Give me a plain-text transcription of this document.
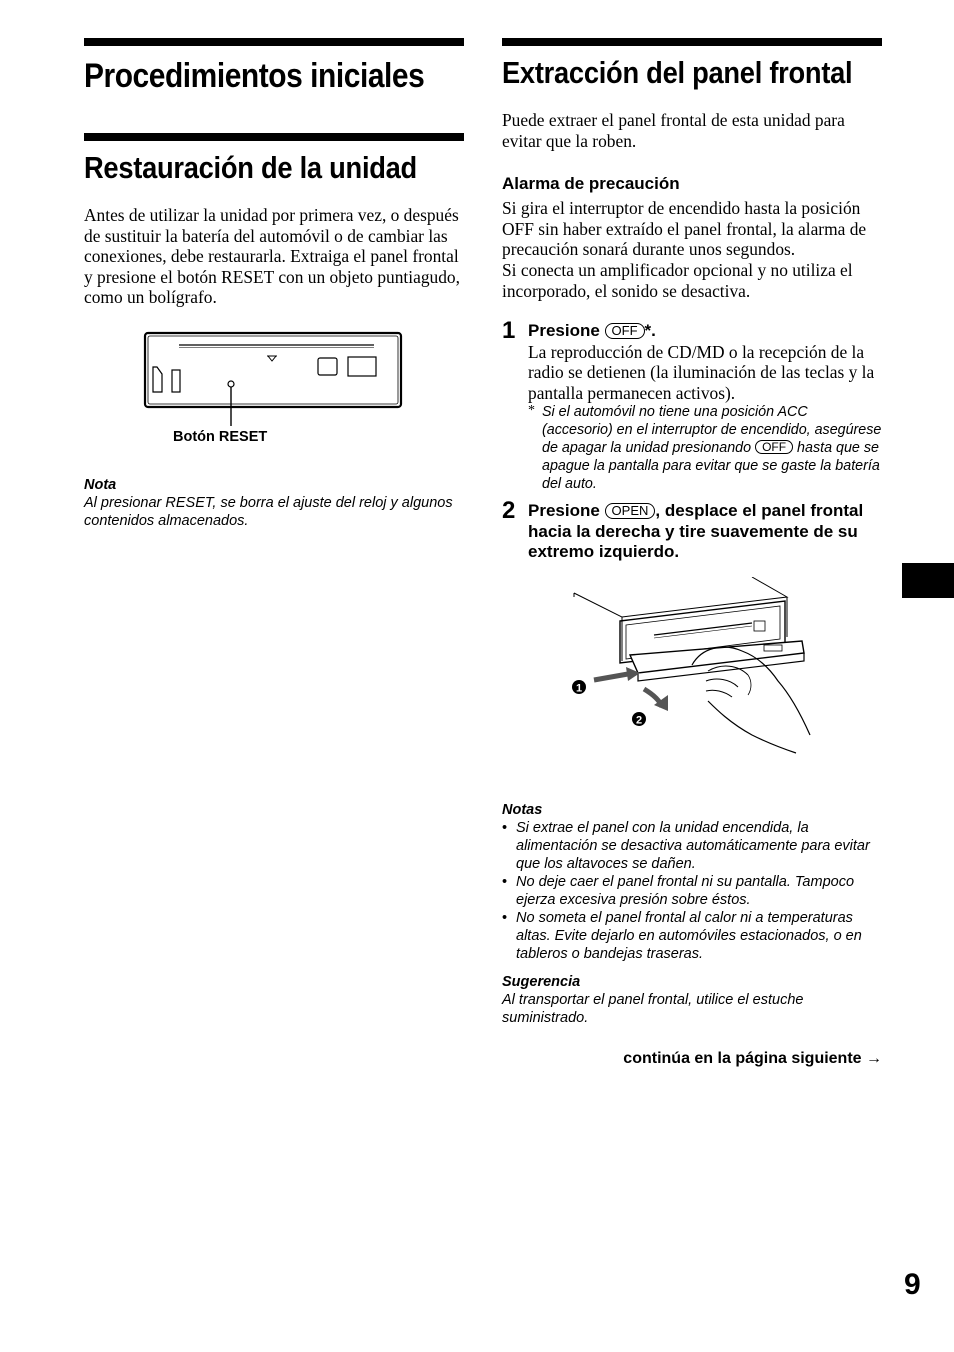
Procedimientos iniciales
Restauración de la unidad

Antes de utilizar la unidad por primera vez, o después de sustituir la batería del automóvil o de cambiar las conexiones, debe restaurarla. Extraiga el panel frontal y presione el botón RESET con un objeto puntiagudo, como un bolígrafo.

Botón RESET

Nota

Al presionar RESET, se borra el ajuste del reloj y algunos contenidos almacenados.

Extracción del panel frontal

Puede extraer el panel frontal de esta unidad para evitar que la roben.

Alarma de precaución

Si gira el interruptor de encendido hasta la posición OFF sin haber extraído el panel frontal, la alarma de precaución sonará durante unos segundos.

Si conecta un amplificador opcional y no utiliza el incorporado, el sonido se desactiva.

1 Presione OFF *.

La reproducción de CD/MD o la recepción de la radio se detienen (la iluminación de las teclas y la pantalla permanecen activos).

* Si el automóvil no tiene una posición ACC (accesorio) en el interruptor de encendido, asegúrese de apagar la unidad presionando OFF hasta que se apague la pantalla para evitar que se gaste la batería del auto.

2 Presione OPEN , desplace el panel frontal hacia la derecha y tire suavemente de su extremo izquierdo.

1
2

Notas

• Si extrae el panel con la unidad encendida, la alimentación se desactiva automáticamente para evitar que los altavoces se dañen.
• No deje caer el panel frontal ni su pantalla. Tampoco ejerza excesiva presión sobre éstos.
• No someta el panel frontal al calor ni a temperaturas altas. Evite dejarlo en automóviles estacionados, o en tableros o bandejas traseras.

Sugerencia

Al transportar el panel frontal, utilice el estuche suministrado.

continúa en la página siguiente →
9
